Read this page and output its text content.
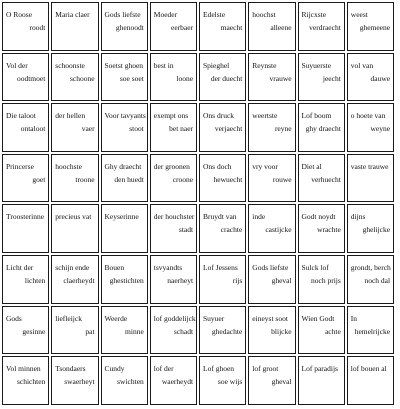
O Roose
roodt
Maria claer Gods liefste
ghenoodt
Moeder
eerbaer
Edelste
maecht
hoochst
alleene
Rijcxste
verdraecht
weest
ghemeene
Vol der
oodtmoet
schoonste
schoone
Soetst ghoen
soe soet
best in
loone
Spieghel
der duecht
Reynste
vrauwe
Suyuerste
jeecht
vol van
dauwe
Die taloot
ontaloot
der hellen
vaer
Voor tavyants
stoot
exempt ons
bet naer
Ons druck
verjaecht
weertste
reyne
Lof boom
ghy draecht
o hoete van
weyne
Princerse
goet
hoochste
troone
Ghy draecht
den huedt
der groonen
croone
Ons doch
hewuecht
vry voor
rouwe
Diet al
verhuecht
vaste trauwe
Troosterinne precieus vat Keyserinne der houchster
stadt
Bruydt van
crachte
inde
castijcke
Godt noydt
wrachte
dijns
ghelijcke
Licht der
lichten
schijn ende
claerheydt
Bouen
ghestichten
tsvyandts
naerheyt
Lof Jessens
rijs
Gods liefste
gheval
Sulck lof
noch prijs
grondt, berch
noch dal
Gods
gesinne
liefleijck
pat
Weerde
minne
lof goddelijck
schadt
Suyuer
ghedachte
eineyst soot
blijcke
Wien Godt
achte
In
hemelrijcke
Vol minnen
schichten
Tsondaers
swaerheyt
Cundy
swichten
lof der
waerheydt
Lof ghoen
soe wijs
lof groot
gheval
Lof paradijs lof bouen al
